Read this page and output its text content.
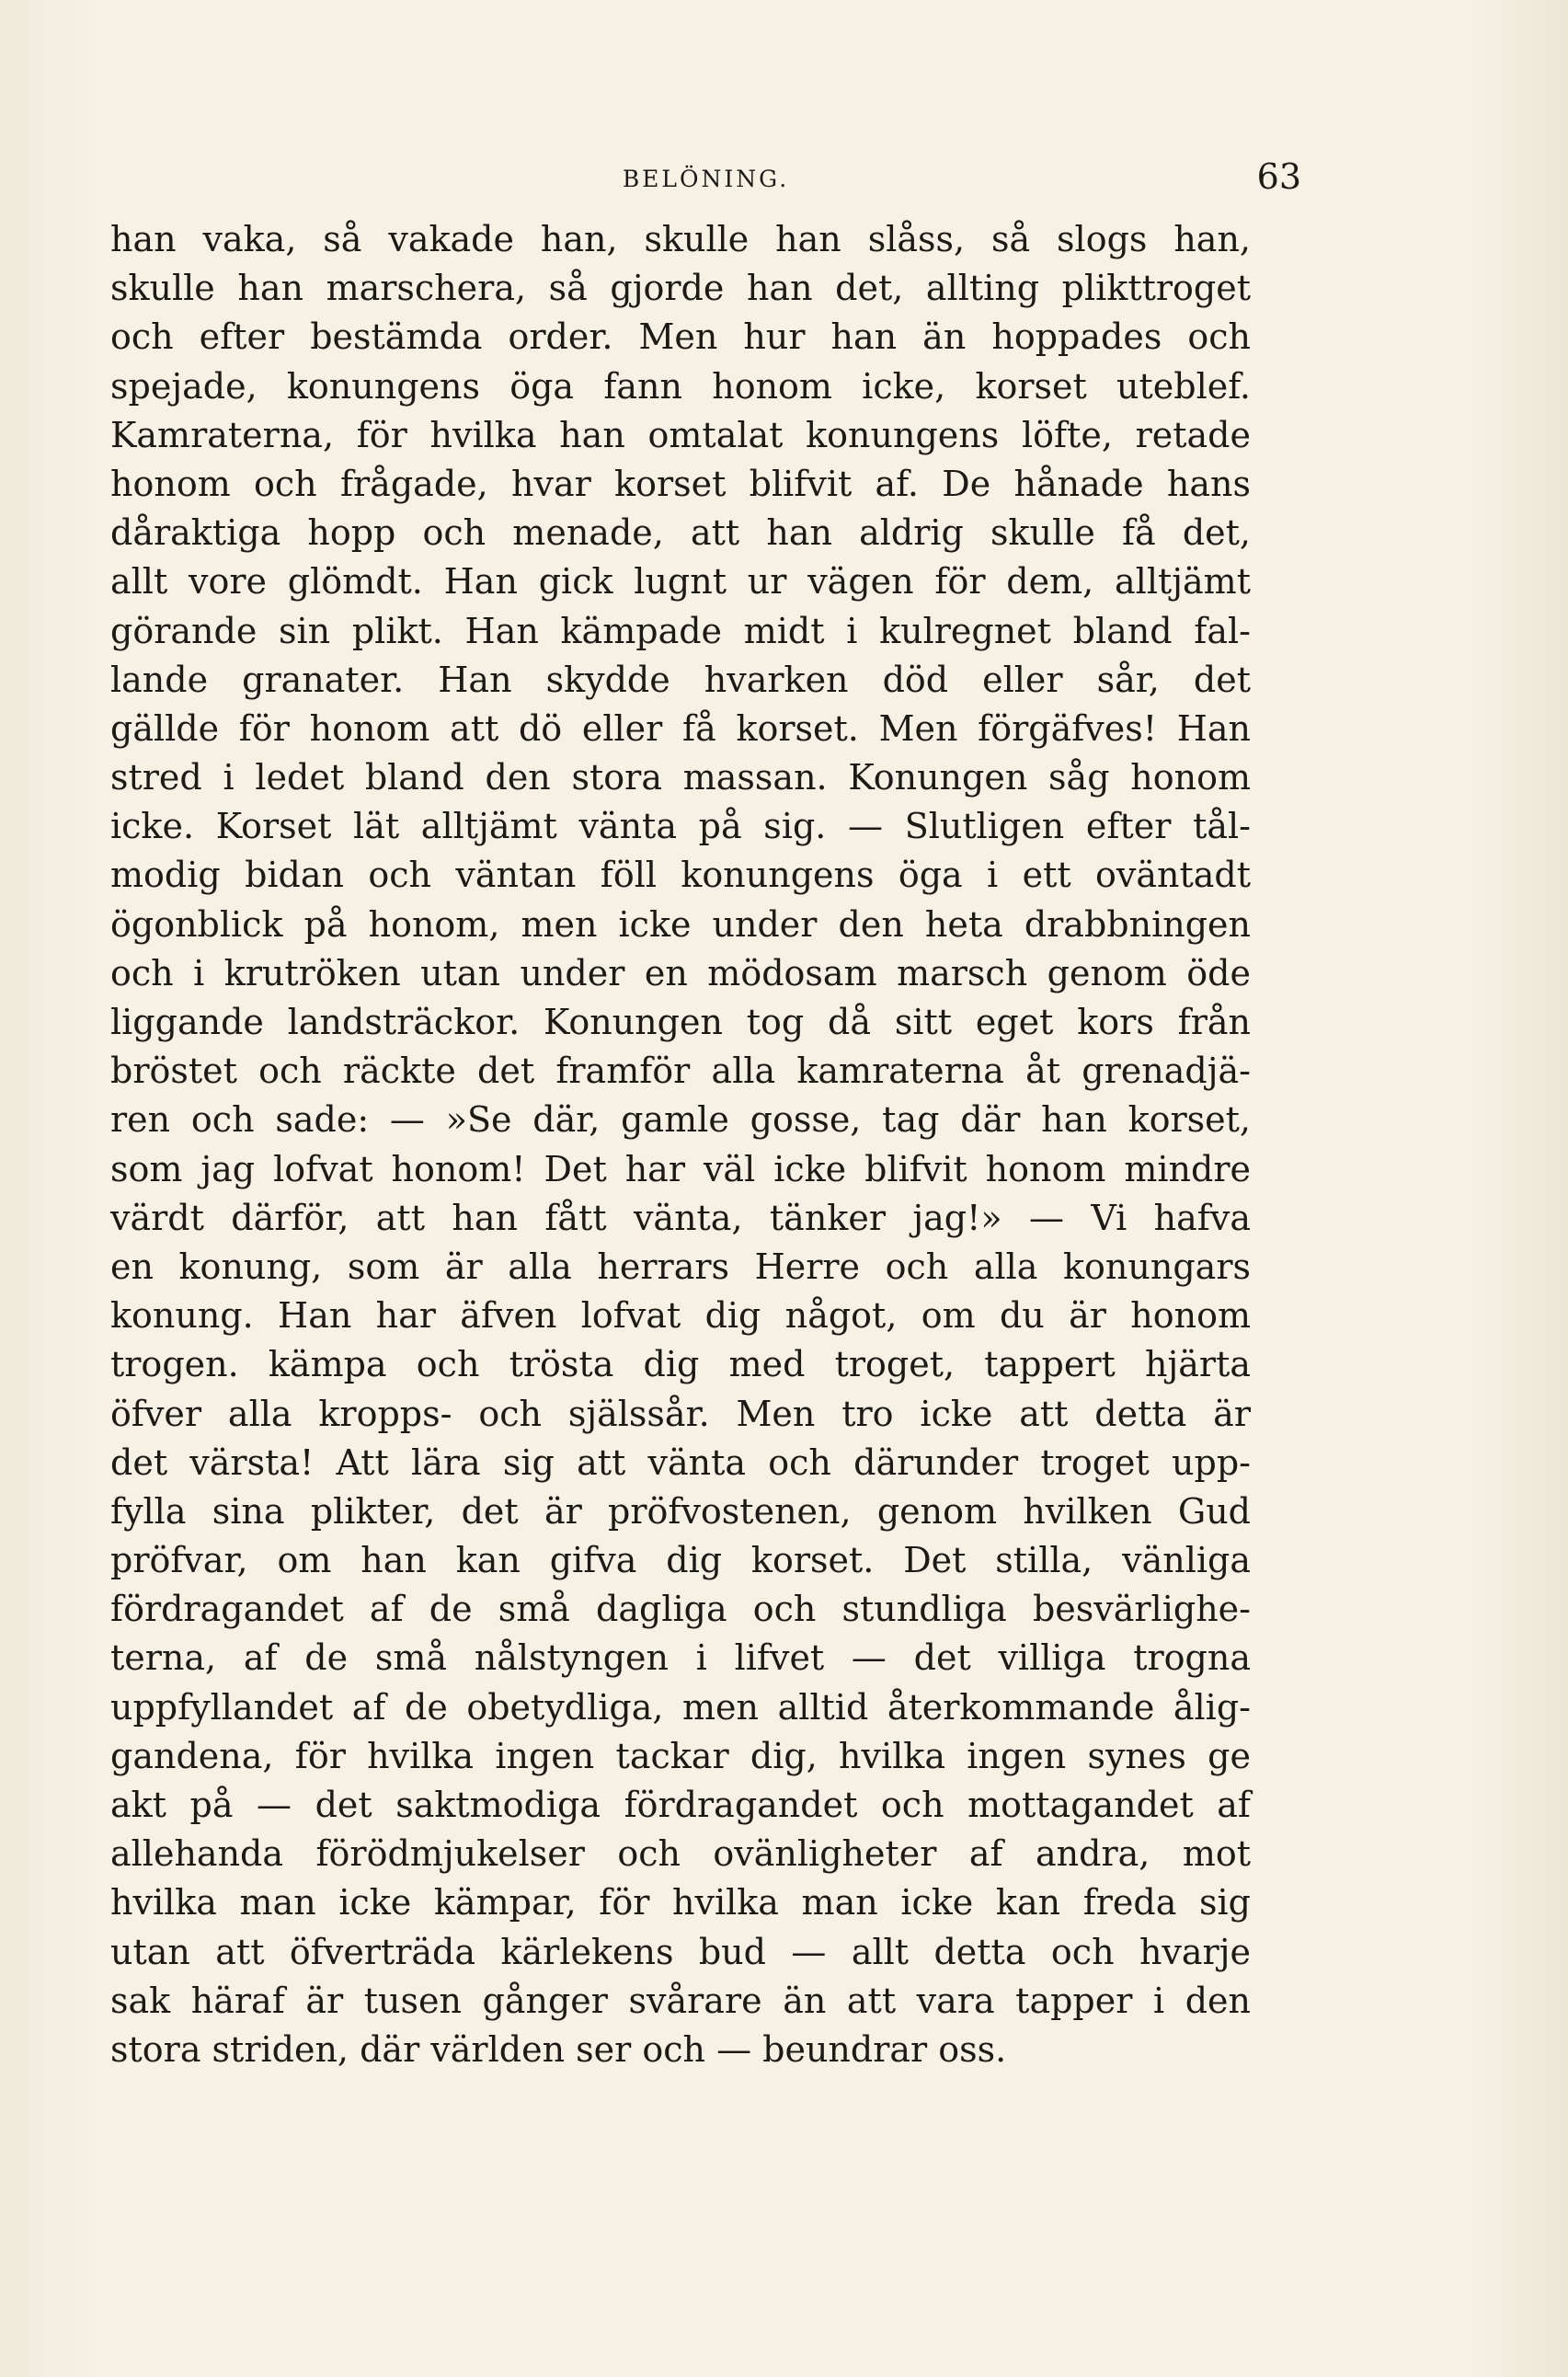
BELÖNING.	63
han vaka, så vakade han, skulle han slåss, så slogs han,
skulle han marschera, så gjorde han det, allting plikttroget
och efter bestämda order. Men hur han än hoppades och
spejade, konungens öga fann honom icke, korset uteblef.
Kamraterna, för hvilka han omtalat konungens löfte, retade
honom och frågade, hvar korset blifvit af. De hånade hans
dåraktiga hopp och menade, att han aldrig skulle få det,
allt vore glömdt. Han gick lugnt ur vägen för dem, alltjämt
görande sin plikt. Han kämpade midt i kulregnet bland fal-
lande granater. Han skydde hvarken död eller sår, det
gällde för honom att dö eller få korset. Men förgäfves! Han
stred i ledet bland den stora massan. Konungen såg honom
icke. Korset lät alltjämt vänta på sig. — Slutligen efter tål-
modig bidan och väntan föll konungens öga i ett oväntadt
ögonblick på honom, men icke under den heta drabbningen
och i krutröken utan under en mödosam marsch genom öde
liggande landsträckor. Konungen tog då sitt eget kors från
bröstet och räckte det framför alla kamraterna åt grenadjä-
ren och sade: — »Se där, gamle gosse, tag där han korset,
som jag lofvat honom! Det har väl icke blifvit honom mindre
värdt därför, att han fått vänta, tänker jag!» — Vi hafva
en konung, som är alla herrars Herre och alla konungars
konung. Han har äfven lofvat dig något, om du är honom
trogen. kämpa och trösta dig med troget, tappert hjärta
öfver alla kropps- och själssår. Men tro icke att detta är
det värsta! Att lära sig att vänta och därunder troget upp-
fylla sina plikter, det är pröfvostenen, genom hvilken Gud
pröfvar, om han kan gifva dig korset. Det stilla, vänliga
fördragandet af de små dagliga och stundliga besvärlighe-
terna, af de små nålstyngen i lifvet — det villiga trogna
uppfyllandet af de obetydliga, men alltid återkommande ålig-
gandena, för hvilka ingen tackar dig, hvilka ingen synes ge
akt på — det saktmodiga fördragandet och mottagandet af
allehanda förödmjukelser och ovänligheter af andra, mot
hvilka man icke kämpar, för hvilka man icke kan freda sig
utan att öfverträda kärlekens bud — allt detta och hvarje
sak häraf är tusen gånger svårare än att vara tapper i den
stora striden, där världen ser och — beundrar oss.
